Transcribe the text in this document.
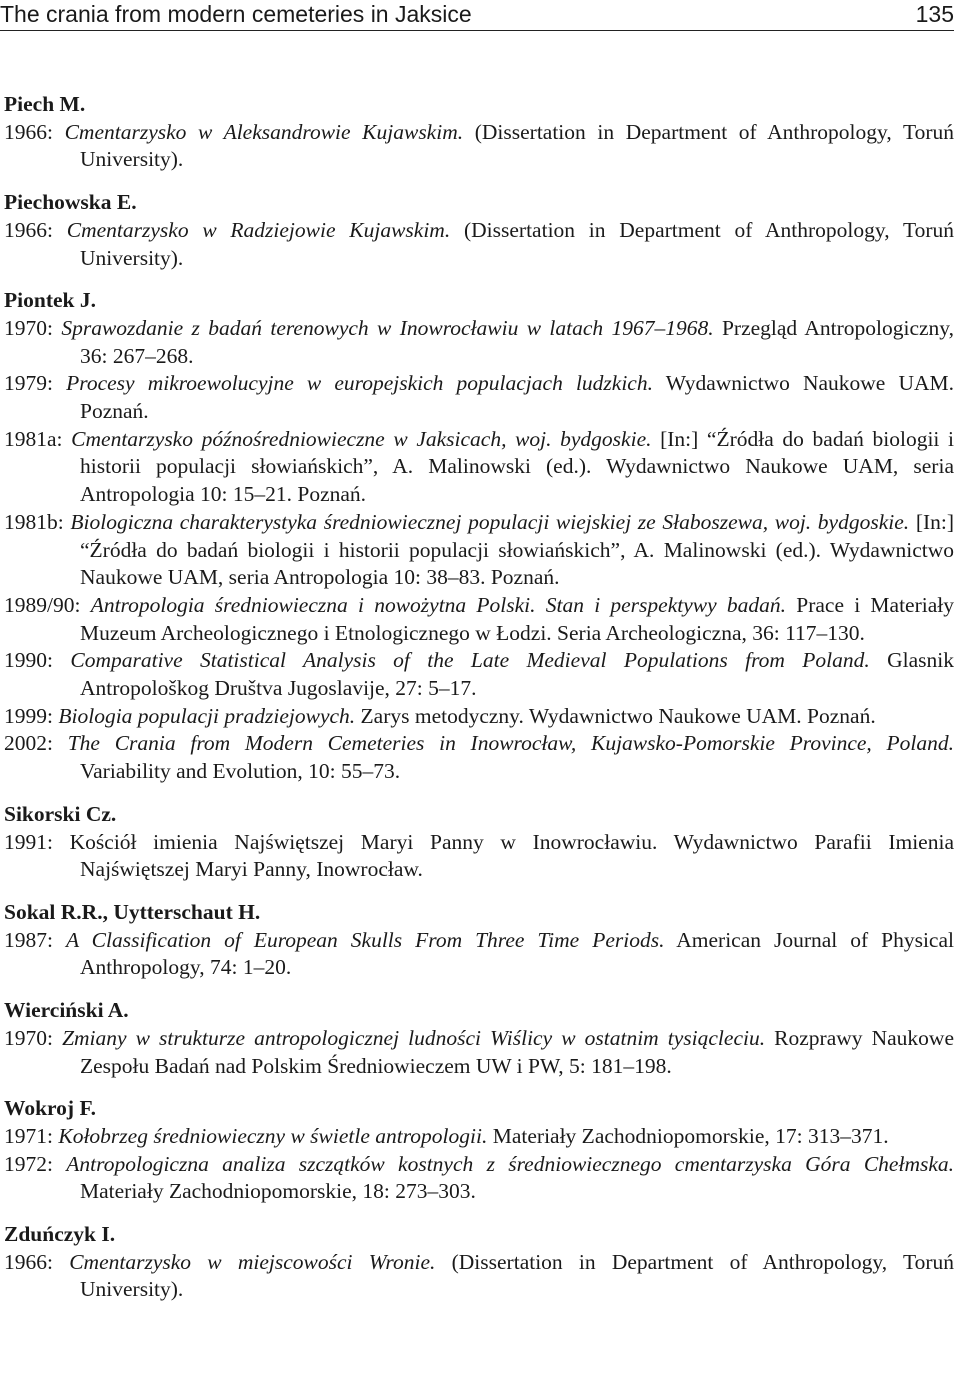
The crania from modern cemeteries in Jaksice	135

Piech M.

1966: Cmentarzysko w Aleksandrowie Kujawskim. (Dissertation in Department of Anthropology, Toruń University).

Piechowska E.

1966: Cmentarzysko w Radziejowie Kujawskim. (Dissertation in Department of Anthropology, Toruń University).

Piontek J.

1970: Sprawozdanie z badań terenowych w Inowrocławiu w latach 1967–1968. Przegląd Antropologiczny, 36: 267–268.

1979: Procesy mikroewolucyjne w europejskich populacjach ludzkich. Wydawnictwo Naukowe UAM. Poznań.

1981a: Cmentarzysko późnośredniowieczne w Jaksicach, woj. bydgoskie. [In:] “Źródła do badań biologii i historii populacji słowiańskich”, A. Malinowski (ed.). Wydawnictwo Naukowe UAM, seria Antropologia 10: 15–21. Poznań.

1981b: Biologiczna charakterystyka średniowiecznej populacji wiejskiej ze Słaboszewa, woj. bydgoskie. [In:] “Źródła do badań biologii i historii populacji słowiańskich”, A. Malinowski (ed.). Wydawnictwo Naukowe UAM, seria Antropologia 10: 38–83. Poznań.

1989/90: Antropologia średniowieczna i nowożytna Polski. Stan i perspektywy badań. Prace i Materiały Muzeum Archeologicznego i Etnologicznego w Łodzi. Seria Archeologiczna, 36: 117–130.

1990: Comparative Statistical Analysis of the Late Medieval Populations from Poland. Glasnik Antropološkog Društva Jugoslavije, 27: 5–17.

1999: Biologia populacji pradziejowych. Zarys metodyczny. Wydawnictwo Naukowe UAM. Poznań.

2002: The Crania from Modern Cemeteries in Inowrocław, Kujawsko-Pomorskie Province, Poland. Variability and Evolution, 10: 55–73.

Sikorski Cz.

1991: Kościół imienia Najświętszej Maryi Panny w Inowrocławiu. Wydawnictwo Parafii Imienia Najświętszej Maryi Panny, Inowrocław.

Sokal R.R., Uytterschaut H.

1987: A Classification of European Skulls From Three Time Periods. American Journal of Physical Anthropology, 74: 1–20.

Wierciński A.

1970: Zmiany w strukturze antropologicznej ludności Wiślicy w ostatnim tysiącleciu. Rozprawy Naukowe Zespołu Badań nad Polskim Średniowieczem UW i PW, 5: 181–198.

Wokroj F.

1971: Kołobrzeg średniowieczny w świetle antropologii. Materiały Zachodniopomorskie, 17: 313–371.

1972: Antropologiczna analiza szczątków kostnych z średniowiecznego cmentarzyska Góra Chełmska. Materiały Zachodniopomorskie, 18: 273–303.

Zduńczyk I.

1966: Cmentarzysko w miejscowości Wronie. (Dissertation in Department of Anthropology, Toruń University).
